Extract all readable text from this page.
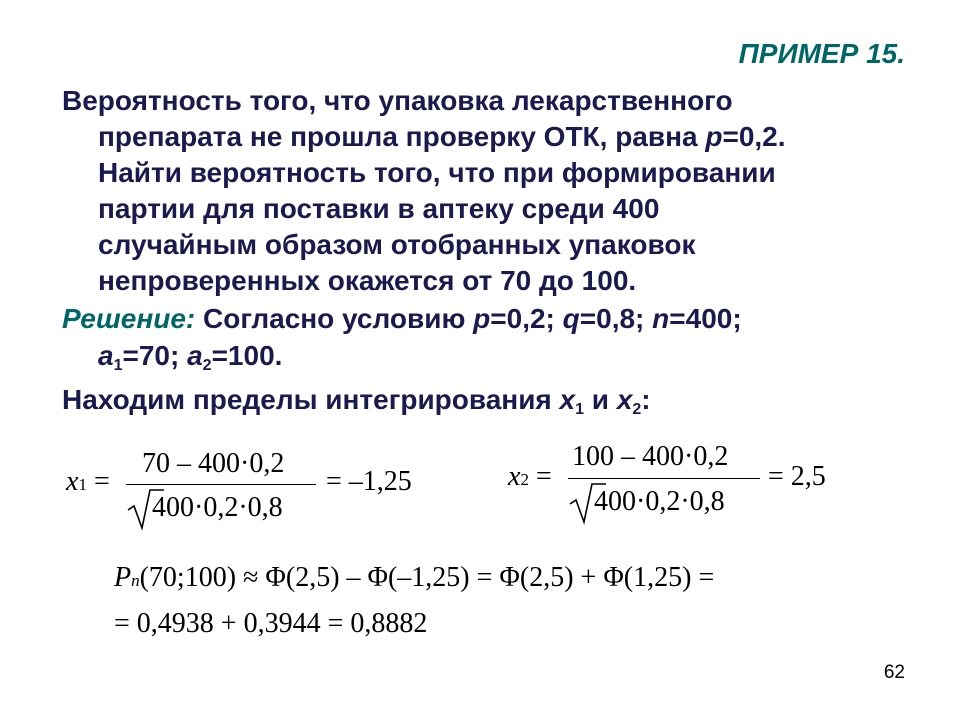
ПРИМЕР 15.
Вероятность того, что упаковка лекарственного
препарата не прошла проверку ОТК, равна p=0,2.
Найти вероятность того, что при формировании
партии для поставки в аптеку среди 400
случайным образом отобранных упаковок
непроверенных окажется от 70 до 100.
Решение: Согласно условию p=0,2; q=0,8; n=400;
$a_1=70$; $a_2=100$.
Находим пределы интегрирования $x_1$ и $x_2$:
x1 =
70 – 400·0,2
400·0,2·0,8
= –1,25	x2 =
100 – 400·0,2
400·0,2·0,8
= 2,5
Pn(70;100) ≈ Φ(2,5) – Φ(–1,25) = Φ(2,5) + Φ(1,25) =
= 0,4938 + 0,3944 = 0,8882
62
